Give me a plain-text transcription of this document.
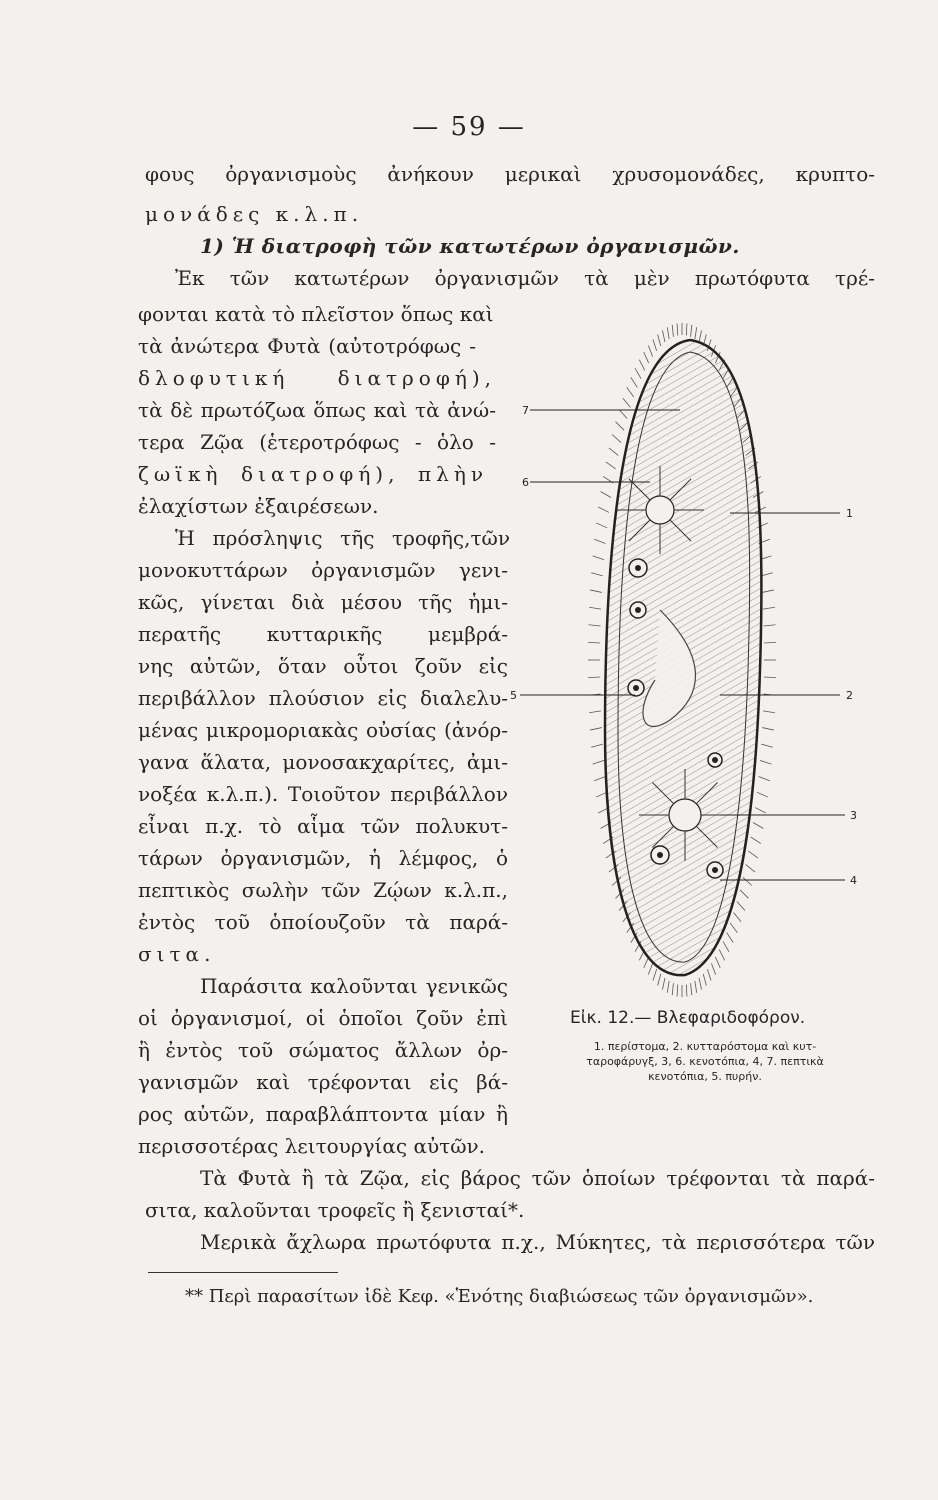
— 59 —
φους ὀργανισμοὺς ἀνήκουν μερικαὶ χρυσομονάδες, κρυπτο-
μονάδες κ.λ.π.
1) Ἡ διατροφὴ τῶν κατωτέρων ὀργανισμῶν.
Ἐκ τῶν κατωτέρων ὀργανισμῶν τὰ μὲν πρωτόφυτα τρέ-
φονται κατὰ τὸ πλεῖστον ὅπως καὶ
τὰ ἀνώτερα Φυτὰ (αὐτοτρόφως -
δλοφυτική διατροφή),
τὰ δὲ πρωτόζωα ὅπως καὶ τὰ ἀνώ-
τερα Ζῷα (ἑτεροτρόφως - ὁλο -
ζωϊκὴ διατροφή), πλὴν
ἐλαχίστων ἐξαιρέσεων.
Ἡ πρόσληψις τῆς τροφῆς,τῶν
μονοκυττάρων ὀργανισμῶν γενι-
κῶς, γίνεται διὰ μέσου τῆς ἡμι-
περατῆς κυτταρικῆς μεμβρά-
νης αὐτῶν, ὅταν οὗτοι ζοῦν εἰς
περιβάλλον πλούσιον εἰς διαλελυ-
μένας μικρομοριακὰς οὐσίας (ἀνόρ-
γανα ἅλατα, μονοσακχαρίτες, ἀμι-
νοξέα κ.λ.π.). Τοιοῦτον περιβάλλον
εἶναι π.χ. τὸ αἷμα τῶν πολυκυτ-
τάρων ὀργανισμῶν, ἡ λέμφος, ὁ
πεπτικὸς σωλὴν τῶν Ζῴων κ.λ.π.,
ἐντὸς τοῦ ὁποίουζοῦν τὰ παρά-
σιτα.
Παράσιτα καλοῦνται γενικῶς
οἱ ὀργανισμοί, οἱ ὁποῖοι ζοῦν ἐπὶ
ἢ ἐντὸς τοῦ σώματος ἄλλων ὀρ-
γανισμῶν καὶ τρέφονται εἰς βά-
ρος αὐτῶν, παραβλάπτοντα μίαν ἢ
περισσοτέρας λειτουργίας αὐτῶν.
Τὰ Φυτὰ ἢ τὰ Ζῷα, εἰς βάρος τῶν ὁποίων τρέφονται τὰ παρά-
σιτα, καλοῦνται τροφεῖς ἢ ξενισταί*.
Μερικὰ ἄχλωρα πρωτόφυτα π.χ., Μύκητες, τὰ περισσότερα τῶν
7
6
1
5	2
3
4
Εἰκ. 12.— Βλεφαριδοφόρον.
1. περίστομα, 2. κυτταρόστομα καὶ κυτ-
ταροφάρυγξ, 3, 6. κενοτόπια, 4, 7. πεπτικὰ
κενοτόπια, 5. πυρήν.
** Περὶ παρασίτων ἰδὲ Κεφ. «Ἑνότης διαβιώσεως τῶν ὀργανισμῶν».
